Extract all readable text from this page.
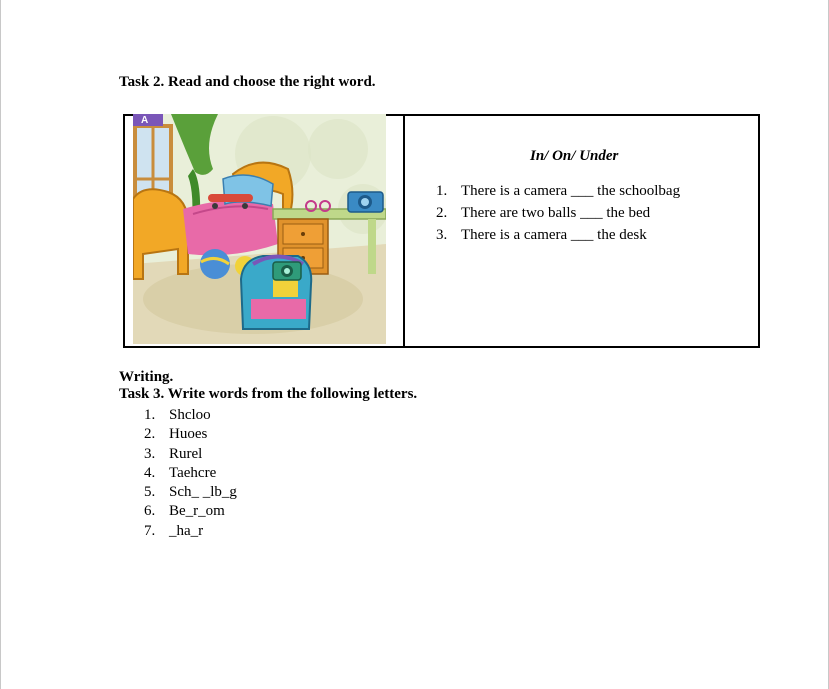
Task 2. Read and choose the right word.
A
In/ On/ Under
1. There is a camera ___ the schoolbag
2. There are two balls ___ the bed
3. There is a camera ___ the desk
Writing.
Task 3. Write words from the following letters.
1. Shcloo
2. Huoes
3. Rurel
4. Taehcre
5. Sch_ _lb_g
6. Be_r_om
7. _ha_r
